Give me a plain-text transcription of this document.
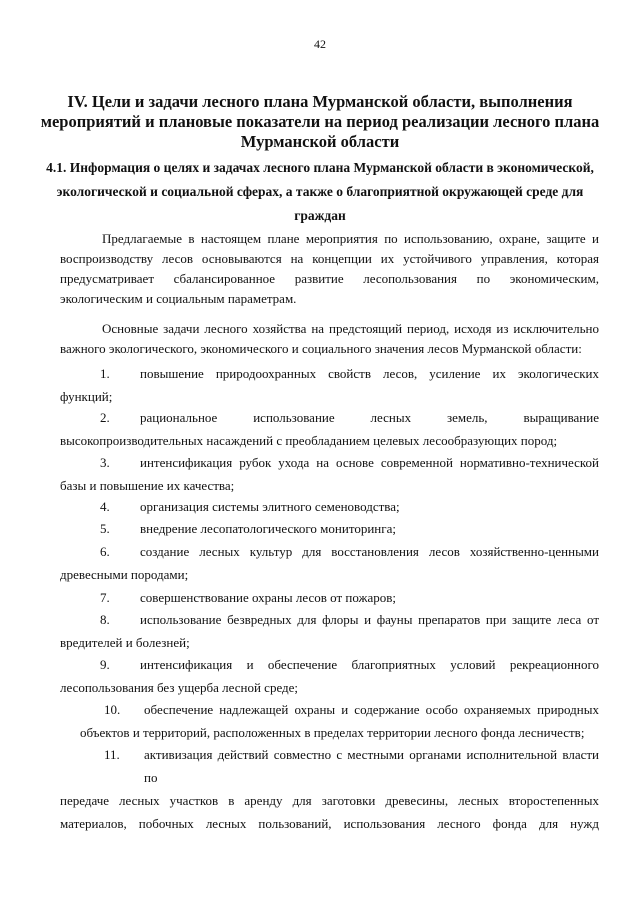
42
IV. Цели и задачи лесного плана Мурманской области, выполнения мероприятий и плановые показатели на период реализации лесного плана Мурманской области
4.1. Информация о целях и задачах лесного плана Мурманской области в экономической, экологической и социальной сферах, а также о благоприятной окружающей среде для граждан
Предлагаемые в настоящем плане мероприятия по использованию, охране, защите и
воспроизводству лесов основываются на концепции их устойчивого управления, которая предусматривает сбалансированное развитие лесопользования по экономическим, экологическим и социальным параметрам.
Основные задачи лесного хозяйства на предстоящий период, исходя из исключительно важного экологического, экономического и социального значения лесов Мурманской области:
1. повышение природоохранных свойств лесов, усиление их экологических
функций;
2. рациональное использование лесных земель, выращивание
высокопроизводительных насаждений с преобладанием целевых лесообразующих пород;
3. интенсификация рубок ухода на основе современной нормативно-технической
базы и повышение их качества;
4. организация системы элитного семеноводства;
5. внедрение лесопатологического мониторинга;
6. создание лесных культур для восстановления лесов хозяйственно-ценными
древесными породами;
7. совершенствование охраны лесов от пожаров;
8. использование безвредных для флоры и фауны препаратов при защите леса от
вредителей и болезней;
9. интенсификация и обеспечение благоприятных условий рекреационного
лесопользования без ущерба лесной среде;
10. обеспечение надлежащей охраны и содержание особо охраняемых природных
объектов и территорий, расположенных в пределах территории лесного фонда лесничеств;
11. активизация действий совместно с местными органами исполнительной власти по
передаче лесных участков в аренду для заготовки древесины, лесных второстепенных материалов, побочных лесных пользований, использования лесного фонда для нужд
